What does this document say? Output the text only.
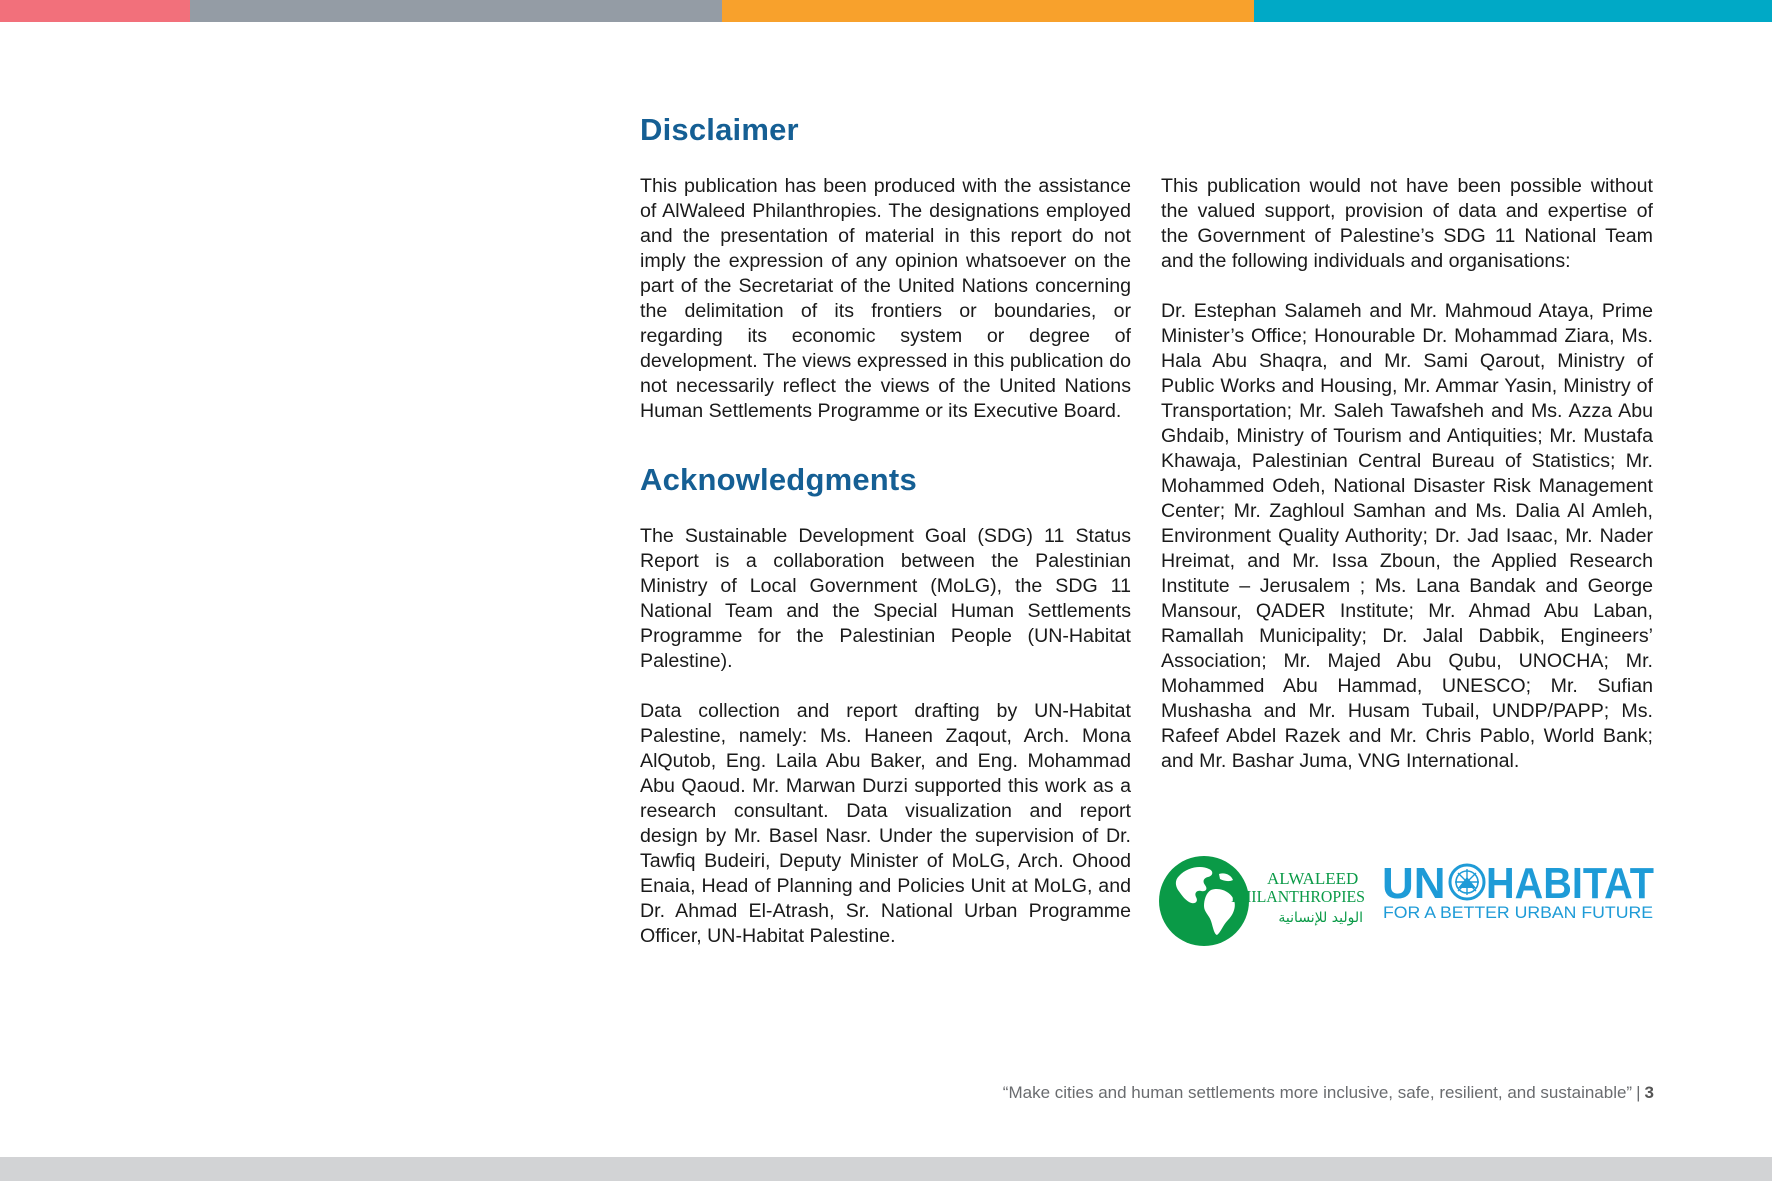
Disclaimer

This publication has been produced with the assistance of AlWaleed Philanthropies. The designations employed and the presentation of material in this report do not imply the expression of any opinion whatsoever on the part of the Secretariat of the United Nations concerning the delimitation of its frontiers or boundaries, or regarding its economic system or degree of development. The views expressed in this publication do not necessarily reflect the views of the United Nations Human Settlements Programme or its Executive Board.

Acknowledgments

The Sustainable Development Goal (SDG) 11 Status Report is a collaboration between the Palestinian Ministry of Local Government (MoLG), the SDG 11 National Team and the Special Human Settlements Programme for the Palestinian People (UN-Habitat Palestine).

Data collection and report drafting by UN-Habitat Palestine, namely: Ms. Haneen Zaqout, Arch. Mona AlQutob, Eng. Laila Abu Baker, and Eng. Mohammad Abu Qaoud. Mr. Marwan Durzi supported this work as a research consultant. Data visualization and report design by Mr. Basel Nasr. Under the supervision of Dr. Tawfiq Budeiri, Deputy Minister of MoLG, Arch. Ohood Enaia, Head of Planning and Policies Unit at MoLG, and Dr. Ahmad El-Atrash, Sr. National Urban Programme Officer, UN-Habitat Palestine.

This publication would not have been possible without the valued support, provision of data and expertise of the Government of Palestine’s SDG 11 National Team and the following individuals and organisations:

Dr. Estephan Salameh and Mr. Mahmoud Ataya, Prime Minister’s Office; Honourable Dr. Mohammad Ziara, Ms. Hala Abu Shaqra, and Mr. Sami Qarout, Ministry of Public Works and Housing, Mr. Ammar Yasin, Ministry of Transportation; Mr. Saleh Tawafsheh and Ms. Azza Abu Ghdaib, Ministry of Tourism and Antiquities; Mr. Mustafa Khawaja, Palestinian Central Bureau of Statistics; Mr. Mohammed Odeh, National Disaster Risk Management Center; Mr. Zaghloul Samhan and Ms. Dalia Al Amleh, Environment Quality Authority; Dr. Jad Isaac, Mr. Nader Hreimat, and Mr. Issa Zboun, the Applied Research Institute – Jerusalem ; Ms. Lana Bandak and George Mansour, QADER Institute; Mr. Ahmad Abu Laban, Ramallah Municipality; Dr. Jalal Dabbik, Engineers’ Association; Mr. Majed Abu Qubu, UNOCHA; Mr. Mohammed Abu Hammad, UNESCO; Mr. Sufian Mushasha and Mr. Husam Tubail, UNDP/PAPP; Ms. Rafeef Abdel Razek and Mr. Chris Pablo, World Bank; and Mr. Bashar Juma, VNG International.

ALWALEED
PHILANTHROPIES
الوليد للإنسانية
UN HABITAT
FOR A BETTER URBAN FUTURE
“Make cities and human settlements more inclusive, safe, resilient, and sustainable” | 3
